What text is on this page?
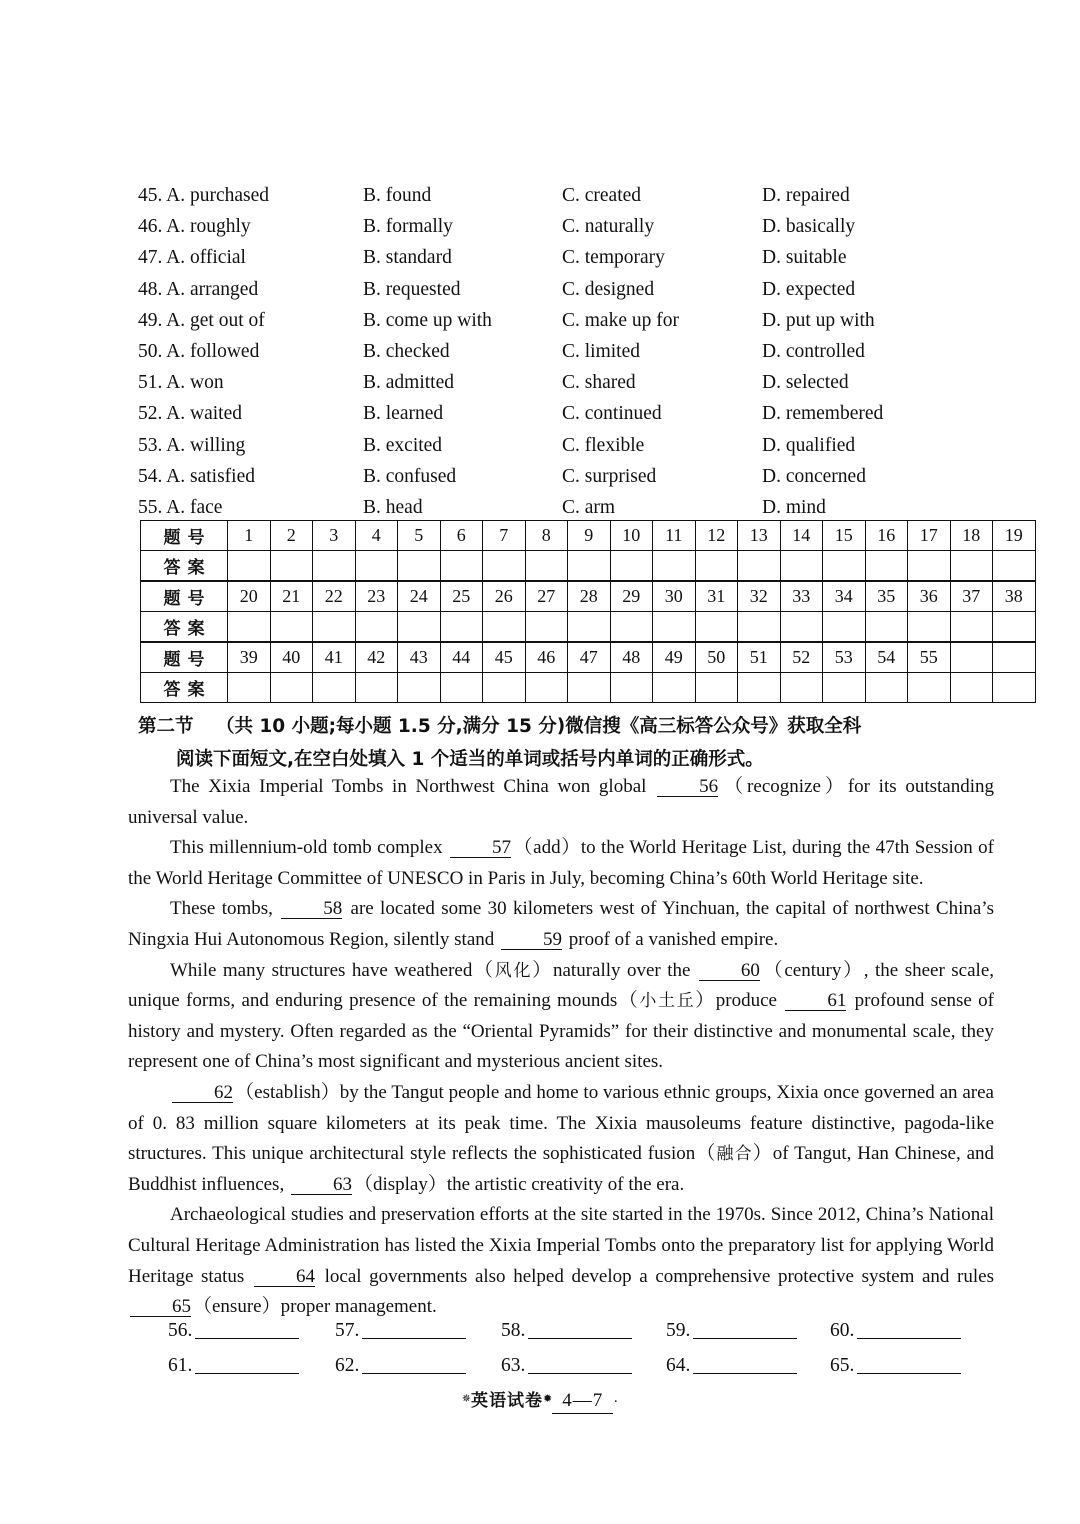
45. A. purchased	B. found	C. created	D. repaired
46. A. roughly	B. formally	C. naturally	D. basically
47. A. official	B. standard	C. temporary	D. suitable
48. A. arranged	B. requested	C. designed	D. expected
49. A. get out of	B. come up with	C. make up for	D. put up with
50. A. followed	B. checked	C. limited	D. controlled
51. A. won	B. admitted	C. shared	D. selected
52. A. waited	B. learned	C. continued	D. remembered
53. A. willing	B. excited	C. flexible	D. qualified
54. A. satisfied	B. confused	C. surprised	D. concerned
55. A. face	B. head	C. arm	D. mind
题号	1	2	3	4	5	6	7	8	9	10	11	12	13	14	15	16	17	18	19
答案																			
题号	20	21	22	23	24	25	26	27	28	29	30	31	32	33	34	35	36	37	38
答案																			
题号	39	40	41	42	43	44	45	46	47	48	49	50	51	52	53	54	55		
答案																			
第二节 （共 10 小题;每小题 1.5 分,满分 15 分)微信搜《高三标答公众号》获取全科
阅读下面短文,在空白处填入 1 个适当的单词或括号内单词的正确形式。

The Xixia Imperial Tombs in Northwest China won global 56 （recognize）for its outstanding universal value.

This millennium-old tomb complex 57 （add）to the World Heritage List, during the 47th Session of the World Heritage Committee of UNESCO in Paris in July, becoming China’s 60th World Heritage site.

These tombs, 58 are located some 30 kilometers west of Yinchuan, the capital of northwest China’s Ningxia Hui Autonomous Region, silently stand 59 proof of a vanished empire.

While many structures have weathered（风化）naturally over the 60 （century）, the sheer scale, unique forms, and enduring presence of the remaining mounds（小土丘）produce 61 profound sense of history and mystery. Often regarded as the “Oriental Pyramids” for their distinctive and monumental scale, they represent one of China’s most significant and mysterious ancient sites.

62 （establish）by the Tangut people and home to various ethnic groups, Xixia once governed an area of 0. 83 million square kilometers at its peak time. The Xixia mausoleums feature distinctive, pagoda-like structures. This unique architectural style reflects the sophisticated fusion（融合）of Tangut, Han Chinese, and Buddhist influences, 63 （display）the artistic creativity of the era.

Archaeological studies and preservation efforts at the site started in the 1970s. Since 2012, China’s National Cultural Heritage Administration has listed the Xixia Imperial Tombs onto the preparatory list for applying World Heritage status 64 local governments also helped develop a comprehensive protective system and rules 65 （ensure）proper management.

56.	57.	58.	59.	60.
61.	62.	63.	64.	65.
✵英语试卷✹ 4—7 ·
